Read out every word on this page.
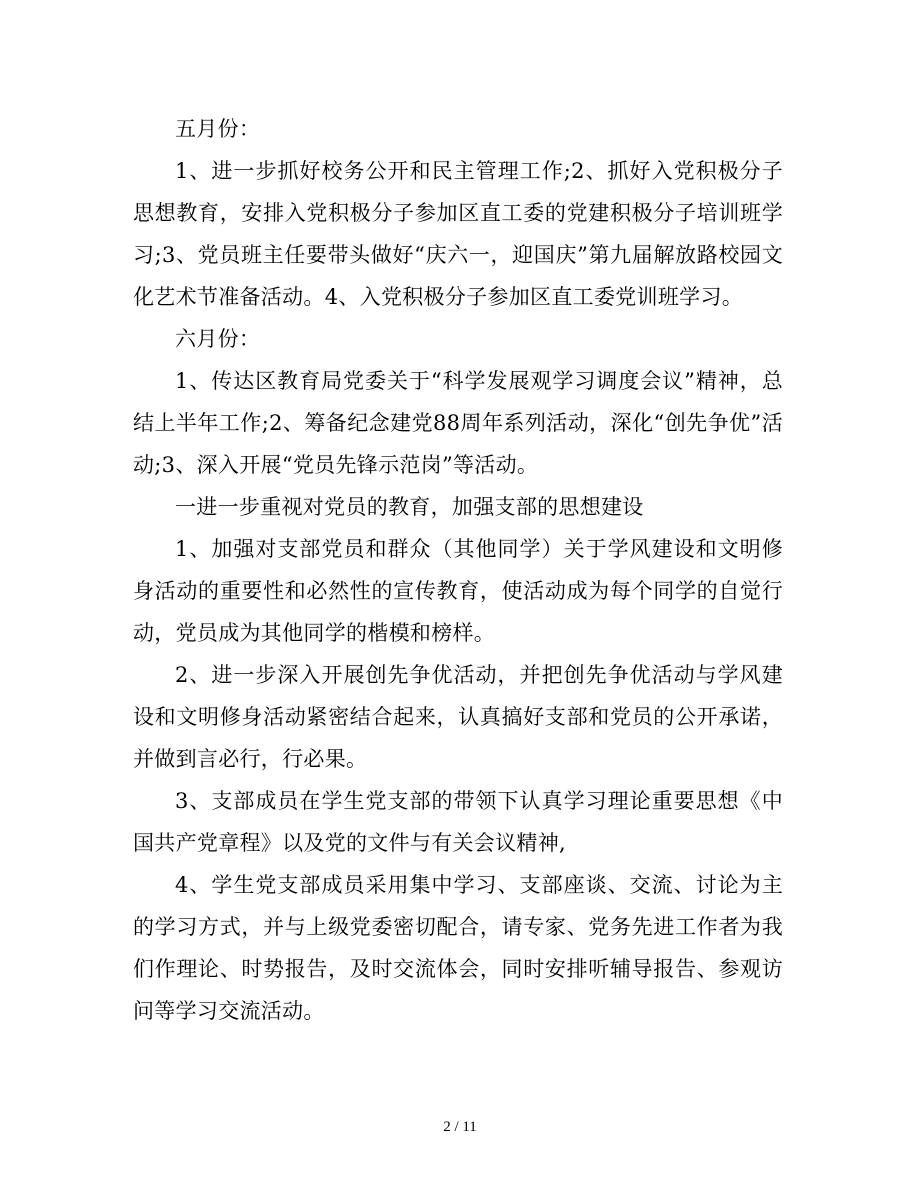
五月份：

1、进一步抓好校务公开和民主管理工作;2、抓好入党积极分子思想教育，安排入党积极分子参加区直工委的党建积极分子培训班学习;3、党员班主任要带头做好“庆六一，迎国庆”第九届解放路校园文化艺术节准备活动。4、入党积极分子参加区直工委党训班学习。

六月份：

1、传达区教育局党委关于“科学发展观学习调度会议”精神，总结上半年工作;2、筹备纪念建党88周年系列活动，深化“创先争优”活动;3、深入开展“党员先锋示范岗”等活动。

一进一步重视对党员的教育，加强支部的思想建设

1、加强对支部党员和群众（其他同学）关于学风建设和文明修身活动的重要性和必然性的宣传教育，使活动成为每个同学的自觉行动，党员成为其他同学的楷模和榜样。

2、进一步深入开展创先争优活动，并把创先争优活动与学风建设和文明修身活动紧密结合起来，认真搞好支部和党员的公开承诺，并做到言必行，行必果。

3、支部成员在学生党支部的带领下认真学习理论重要思想《中国共产党章程》以及党的文件与有关会议精神,

4、学生党支部成员采用集中学习、支部座谈、交流、讨论为主的学习方式，并与上级党委密切配合，请专家、党务先进工作者为我们作理论、时势报告，及时交流体会，同时安排听辅导报告、参观访问等学习交流活动。

2 / 11
